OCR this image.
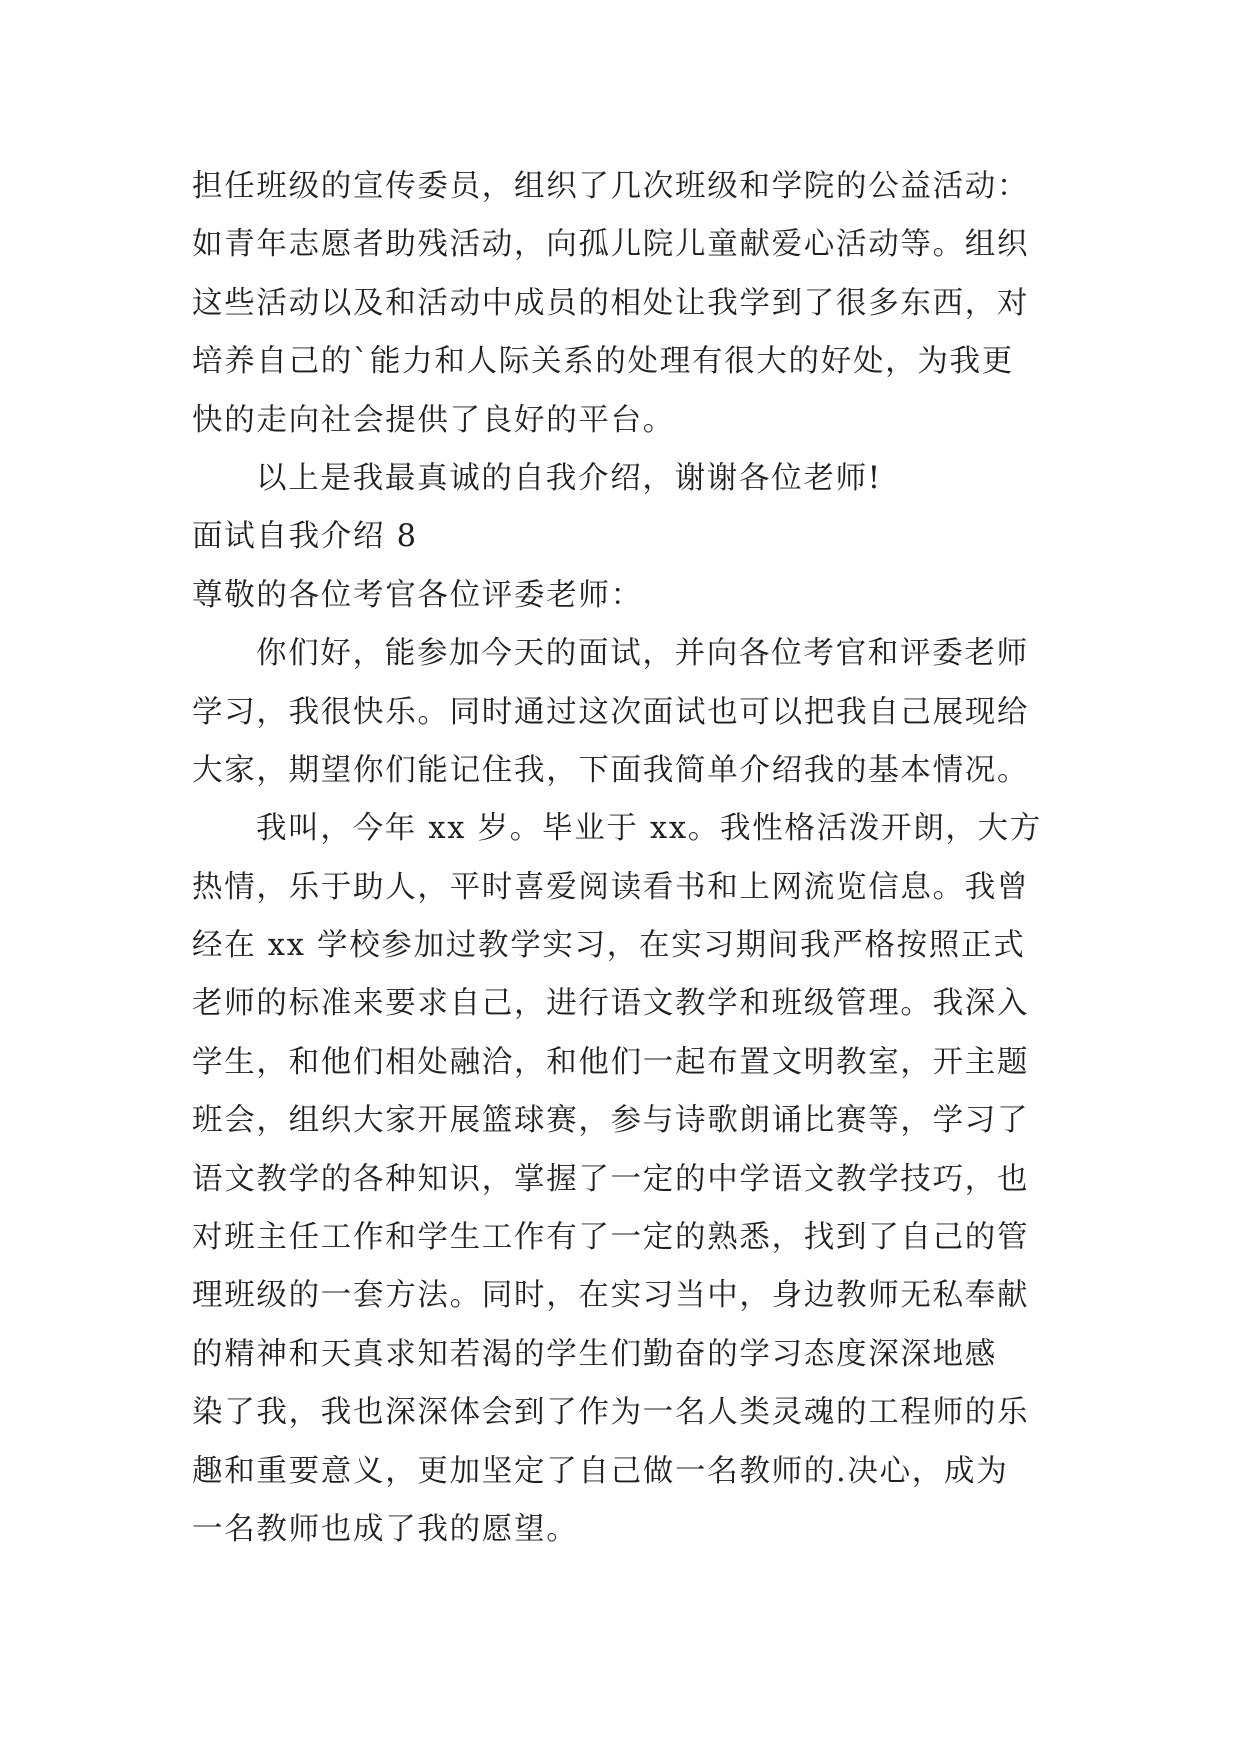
担任班级的宣传委员，组织了几次班级和学院的公益活动：
如青年志愿者助残活动，向孤儿院儿童献爱心活动等。组织
这些活动以及和活动中成员的相处让我学到了很多东西，对
培养自己的`能力和人际关系的处理有很大的好处，为我更
快的走向社会提供了良好的平台。
以上是我最真诚的自我介绍，谢谢各位老师!
面试自我介绍 8
尊敬的各位考官各位评委老师：
你们好，能参加今天的面试，并向各位考官和评委老师
学习，我很快乐。同时通过这次面试也可以把我自己展现给
大家，期望你们能记住我，下面我简单介绍我的基本情况。
我叫，今年 xx 岁。毕业于 xx。我性格活泼开朗，大方
热情，乐于助人，平时喜爱阅读看书和上网流览信息。我曾
经在 xx 学校参加过教学实习，在实习期间我严格按照正式
老师的标准来要求自己，进行语文教学和班级管理。我深入
学生，和他们相处融洽，和他们一起布置文明教室，开主题
班会，组织大家开展篮球赛，参与诗歌朗诵比赛等，学习了
语文教学的各种知识，掌握了一定的中学语文教学技巧，也
对班主任工作和学生工作有了一定的熟悉，找到了自己的管
理班级的一套方法。同时，在实习当中，身边教师无私奉献
的精神和天真求知若渴的学生们勤奋的学习态度深深地感
染了我，我也深深体会到了作为一名人类灵魂的工程师的乐
趣和重要意义，更加坚定了自己做一名教师的.决心，成为
一名教师也成了我的愿望。
